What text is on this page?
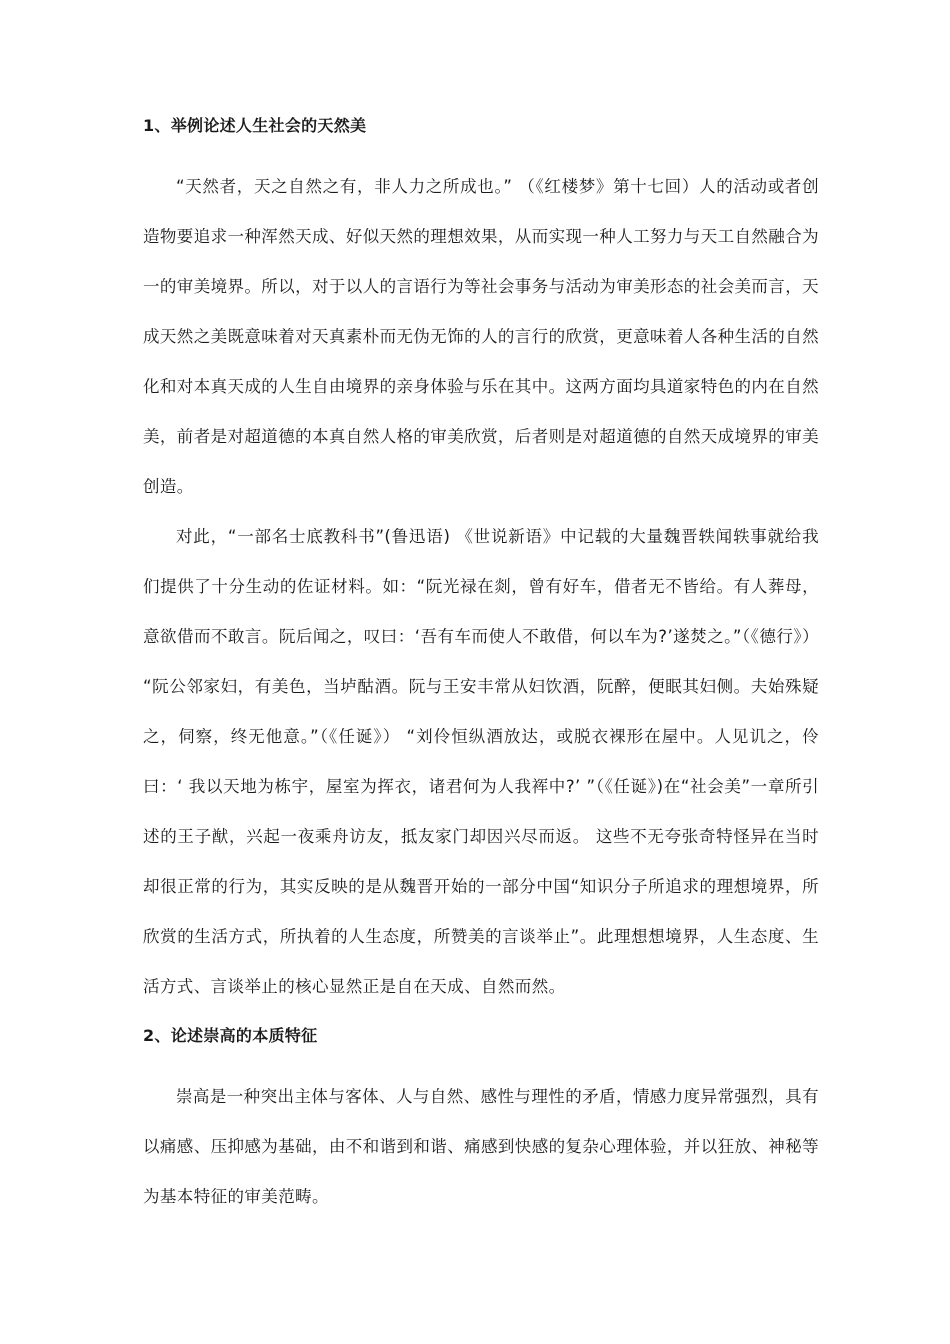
1、举例论述人生社会的天然美

“天然者，天之自然之有，非人力之所成也。” （《红楼梦》第十七回）人的活动或者创造物要追求一种浑然天成、好似天然的理想效果，从而实现一种人工努力与天工自然融合为一的审美境界。所以，对于以人的言语行为等社会事务与活动为审美形态的社会美而言，天成天然之美既意味着对天真素朴而无伪无饰的人的言行的欣赏，更意味着人各种生活的自然化和对本真天成的人生自由境界的亲身体验与乐在其中。这两方面均具道家特色的内在自然美，前者是对超道德的本真自然人格的审美欣赏，后者则是对超道德的自然天成境界的审美创造。

对此，“一部名士底教科书”(鲁迅语) 《世说新语》中记载的大量魏晋轶闻轶事就给我们提供了十分生动的佐证材料。如：“阮光禄在剡，曾有好车，借者无不皆给。有人葬母，意欲借而不敢言。阮后闻之，叹曰：‘吾有车而使人不敢借，何以车为?’遂焚之。”（《德行》） “阮公邻家妇，有美色，当垆酤酒。阮与王安丰常从妇饮酒，阮醉，便眠其妇侧。夫始殊疑之，伺察，终无他意。”（《任诞》） “刘伶恒纵酒放达，或脱衣裸形在屋中。人见讥之，伶曰：‘ 我以天地为栋宇，屋室为挥衣，诸君何为人我裈中?’ ”（《任诞》)在“社会美”一章所引述的王子猷，兴起一夜乘舟访友，抵友家门却因兴尽而返。 这些不无夸张奇特怪异在当时却很正常的行为，其实反映的是从魏晋开始的一部分中国“知识分子所追求的理想境界，所欣赏的生活方式，所执着的人生态度，所赞美的言谈举止”。此理想想境界，人生态度、生活方式、言谈举止的核心显然正是自在天成、自然而然。

2、论述崇高的本质特征

崇高是一种突出主体与客体、人与自然、感性与理性的矛盾，情感力度异常强烈，具有以痛感、压抑感为基础，由不和谐到和谐、痛感到快感的复杂心理体验，并以狂放、神秘等为基本特征的审美范畴。
